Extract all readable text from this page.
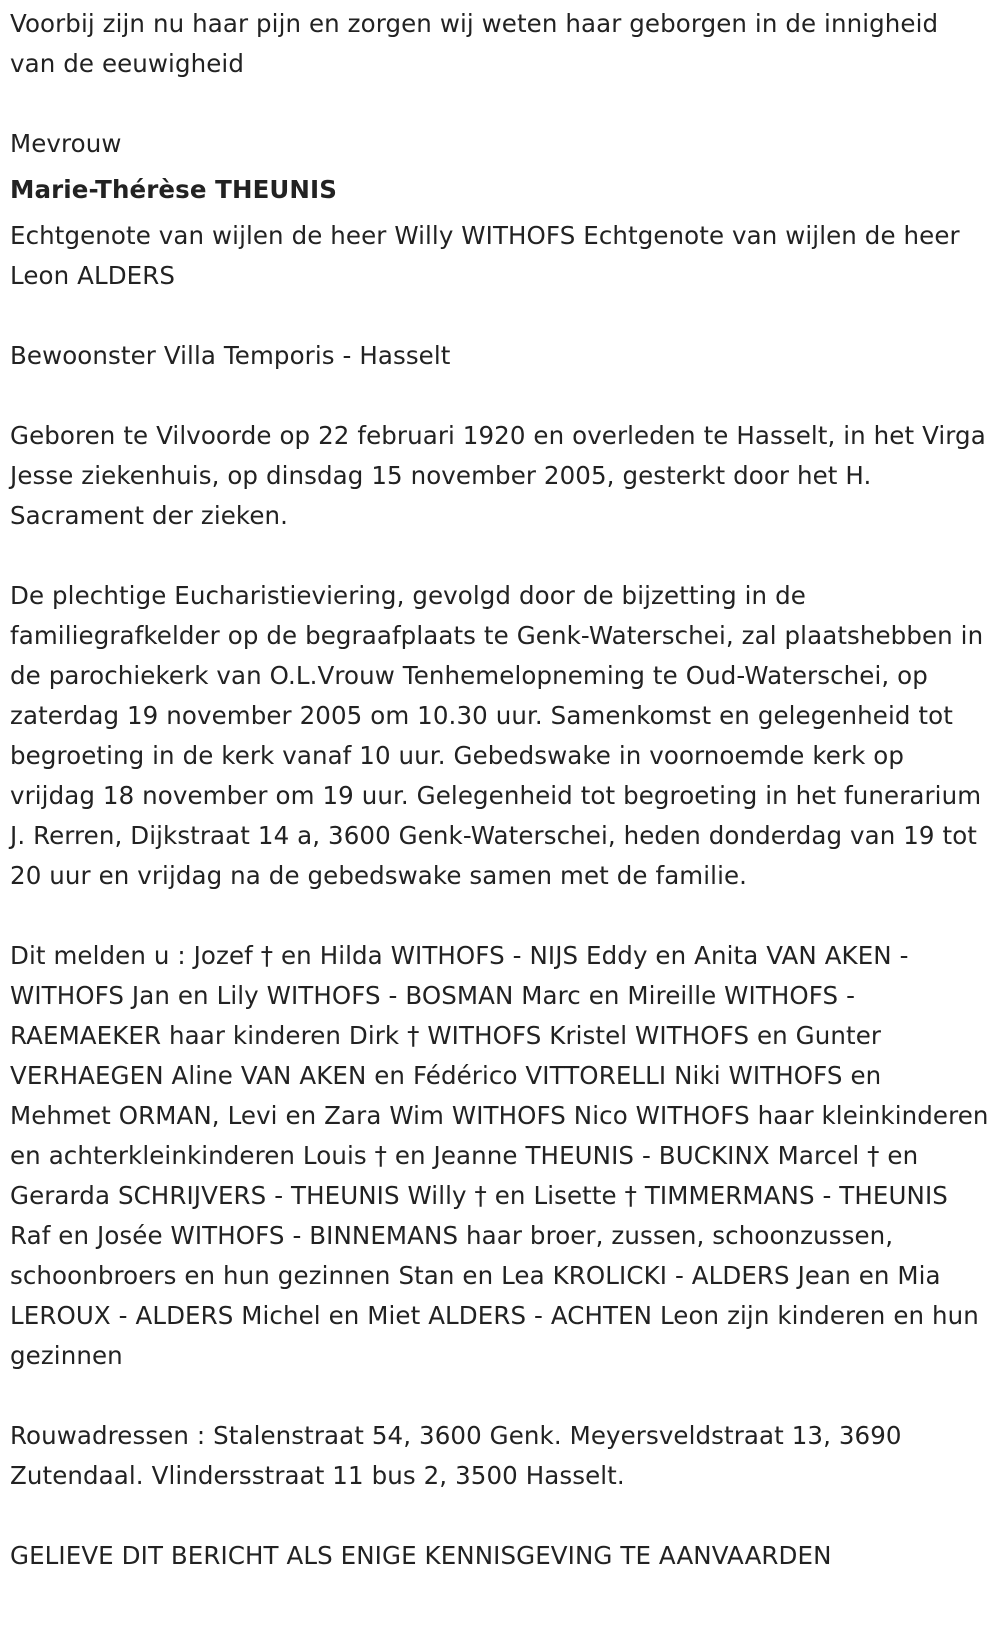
Voorbij zijn nu haar pijn en zorgen wij weten haar geborgen in de innigheid van de eeuwigheid

Mevrouw

Marie-Thérèse THEUNIS

Echtgenote van wijlen de heer Willy WITHOFS Echtgenote van wijlen de heer Leon ALDERS

Bewoonster Villa Temporis - Hasselt

Geboren te Vilvoorde op 22 februari 1920 en overleden te Hasselt, in het Virga Jesse ziekenhuis, op dinsdag 15 november 2005, gesterkt door het H. Sacrament der zieken.

De plechtige Eucharistieviering, gevolgd door de bijzetting in de familiegrafkelder op de begraafplaats te Genk-Waterschei, zal plaatshebben in de parochiekerk van O.L.Vrouw Tenhemelopneming te Oud-Waterschei, op zaterdag 19 november 2005 om 10.30 uur. Samenkomst en gelegenheid tot begroeting in de kerk vanaf 10 uur. Gebedswake in voornoemde kerk op vrijdag 18 november om 19 uur. Gelegenheid tot begroeting in het funerarium J. Rerren, Dijkstraat 14 a, 3600 Genk-Waterschei, heden donderdag van 19 tot 20 uur en vrijdag na de gebedswake samen met de familie.

Dit melden u : Jozef † en Hilda WITHOFS - NIJS Eddy en Anita VAN AKEN - WITHOFS Jan en Lily WITHOFS - BOSMAN Marc en Mireille WITHOFS - RAEMAEKER haar kinderen Dirk † WITHOFS Kristel WITHOFS en Gunter VERHAEGEN Aline VAN AKEN en Fédérico VITTORELLI Niki WITHOFS en Mehmet ORMAN, Levi en Zara Wim WITHOFS Nico WITHOFS haar kleinkinderen en achterkleinkinderen Louis † en Jeanne THEUNIS - BUCKINX Marcel † en Gerarda SCHRIJVERS - THEUNIS Willy † en Lisette † TIMMERMANS - THEUNIS Raf en Josée WITHOFS - BINNEMANS haar broer, zussen, schoonzussen, schoonbroers en hun gezinnen Stan en Lea KROLICKI - ALDERS Jean en Mia LEROUX - ALDERS Michel en Miet ALDERS - ACHTEN Leon zijn kinderen en hun gezinnen

Rouwadressen : Stalenstraat 54, 3600 Genk. Meyersveldstraat 13, 3690 Zutendaal. Vlindersstraat 11 bus 2, 3500 Hasselt.

GELIEVE DIT BERICHT ALS ENIGE KENNISGEVING TE AANVAARDEN
